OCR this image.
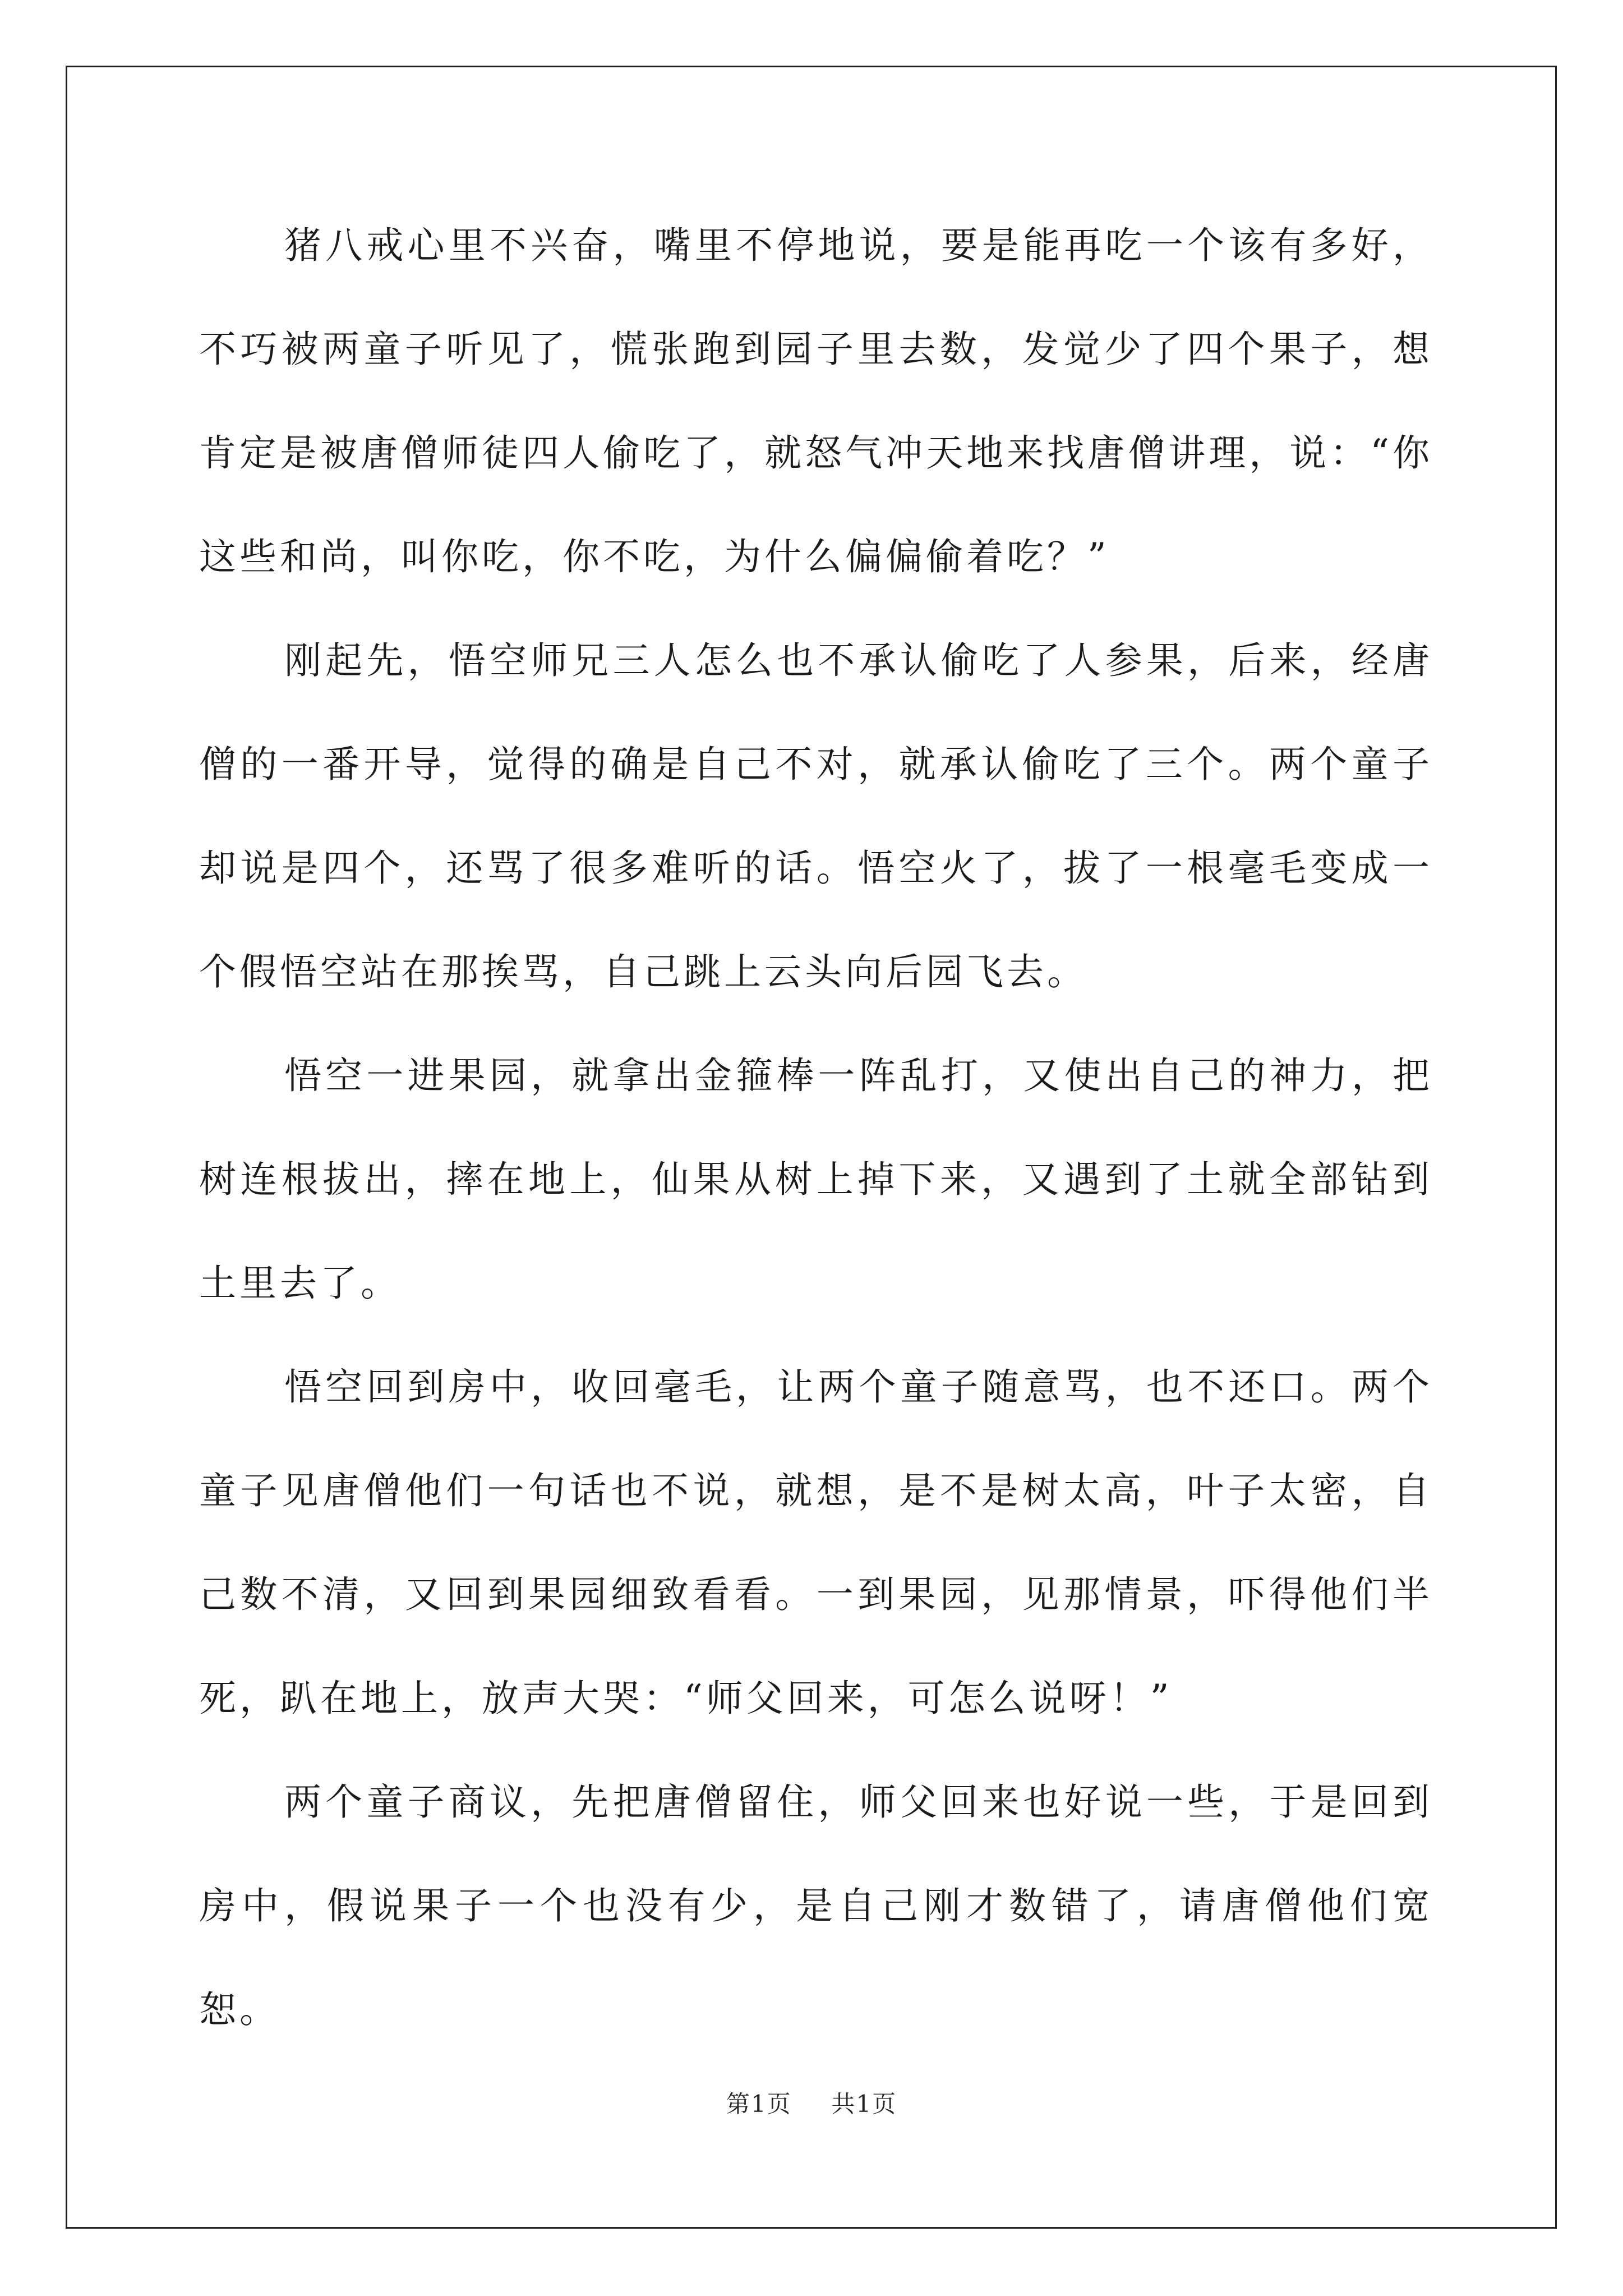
猪八戒心里不兴奋，嘴里不停地说，要是能再吃一个该有多好，不巧被两童子听见了，慌张跑到园子里去数，发觉少了四个果子，想肯定是被唐僧师徒四人偷吃了，就怒气冲天地来找唐僧讲理，说：“你这些和尚，叫你吃，你不吃，为什么偏偏偷着吃？”

刚起先，悟空师兄三人怎么也不承认偷吃了人参果，后来，经唐僧的一番开导，觉得的确是自己不对，就承认偷吃了三个。两个童子却说是四个，还骂了很多难听的话。悟空火了，拔了一根毫毛变成一个假悟空站在那挨骂，自己跳上云头向后园飞去。

悟空一进果园，就拿出金箍棒一阵乱打，又使出自己的神力，把树连根拔出，摔在地上，仙果从树上掉下来，又遇到了土就全部钻到土里去了。

悟空回到房中，收回毫毛，让两个童子随意骂，也不还口。两个童子见唐僧他们一句话也不说，就想，是不是树太高，叶子太密，自己数不清，又回到果园细致看看。一到果园，见那情景，吓得他们半死，趴在地上，放声大哭：“师父回来，可怎么说呀！”

两个童子商议，先把唐僧留住，师父回来也好说一些，于是回到房中，假说果子一个也没有少，是自己刚才数错了，请唐僧他们宽恕。

第1页 共1页
